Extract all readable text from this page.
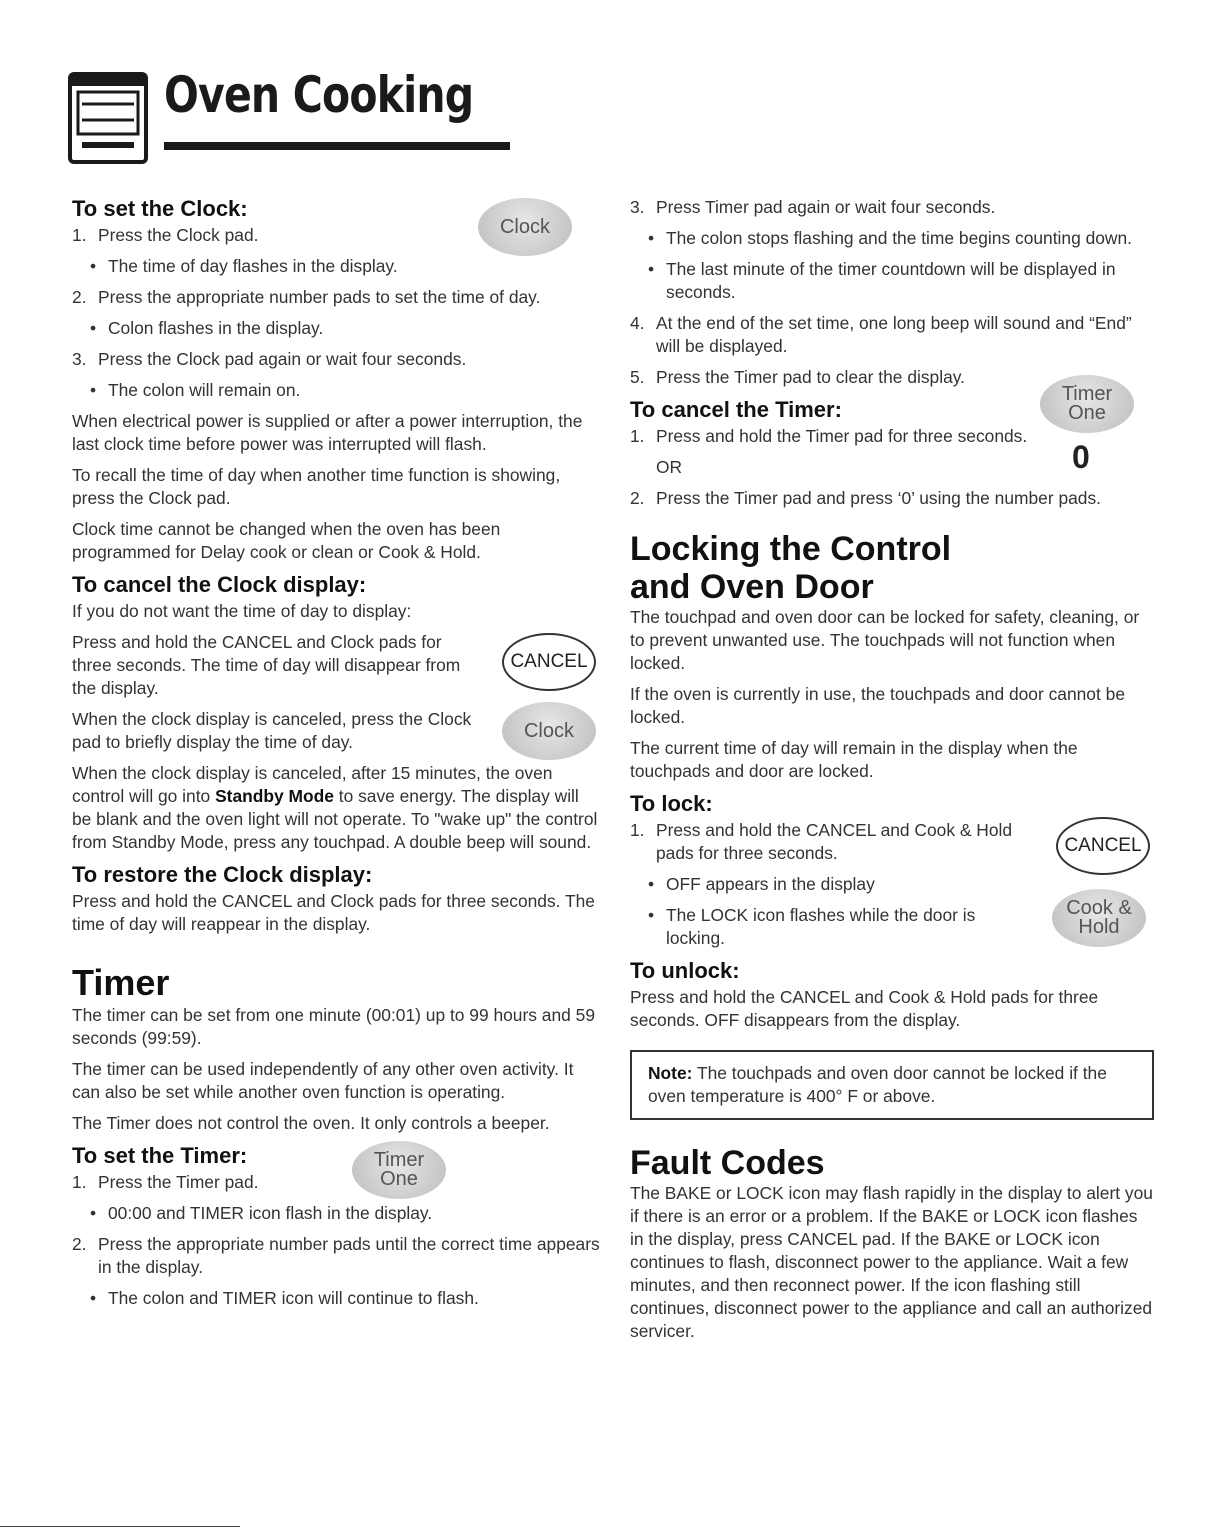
Oven Cooking
Clock
To set the Clock:
1. Press the Clock pad.
• The time of day flashes in the display.
2. Press the appropriate number pads to set the time of day.
• Colon flashes in the display.
3. Press the Clock pad again or wait four seconds.
• The colon will remain on.
When electrical power is supplied or after a power interruption, the last clock time before power was interrupted will flash.
To recall the time of day when another time function is showing, press the Clock pad.
Clock time cannot be changed when the oven has been programmed for Delay cook or clean or Cook & Hold.
To cancel the Clock display:
If you do not want the time of day to display:
Press and hold the CANCEL and Clock pads for three seconds. The time of day will disappear from the display.
CANCEL
When the clock display is canceled, press the Clock pad to briefly display the time of day.
Clock
When the clock display is canceled, after 15 minutes, the oven control will go into Standby Mode to save energy. The display will be blank and the oven light will not operate. To "wake up" the control from Standby Mode, press any touchpad. A double beep will sound.
To restore the Clock display:
Press and hold the CANCEL and Clock pads for three seconds. The time of day will reappear in the display.
Timer
The timer can be set from one minute (00:01) up to 99 hours and 59 seconds (99:59).
The timer can be used independently of any other oven activity. It can also be set while another oven function is operating.
The Timer does not control the oven. It only controls a beeper.
Timer
One
To set the Timer:
1. Press the Timer pad.
• 00:00 and TIMER icon flash in the display.
2. Press the appropriate number pads until the correct time appears in the display.
• The colon and TIMER icon will continue to flash.
3. Press Timer pad again or wait four seconds.
• The colon stops flashing and the time begins counting down.
• The last minute of the timer countdown will be displayed in seconds.
4. At the end of the set time, one long beep will sound and “End” will be displayed.
5. Press the Timer pad to clear the display.
Timer
One
0
To cancel the Timer:
1. Press and hold the Timer pad for three seconds.
OR
2. Press the Timer pad and press ‘0’ using the number pads.
Locking the Control
and Oven Door
The touchpad and oven door can be locked for safety, cleaning, or to prevent unwanted use. The touchpads will not function when locked.
If the oven is currently in use, the touchpads and door cannot be locked.
The current time of day will remain in the display when the touchpads and door are locked.
CANCEL
Cook &
Hold
To lock:
1. Press and hold the CANCEL and Cook & Hold pads for three seconds.
• OFF appears in the display
• The LOCK icon flashes while the door is locking.
To unlock:
Press and hold the CANCEL and Cook & Hold pads for three seconds. OFF disappears from the display.
Note: The touchpads and oven door cannot be locked if the oven temperature is 400° F or above.
Fault Codes
The BAKE or LOCK icon may flash rapidly in the display to alert you if there is an error or a problem. If the BAKE or LOCK icon flashes in the display, press CANCEL pad. If the BAKE or LOCK icon continues to flash, disconnect power to the appliance. Wait a few minutes, and then reconnect power. If the icon flashing still continues, disconnect power to the appliance and call an authorized servicer.
